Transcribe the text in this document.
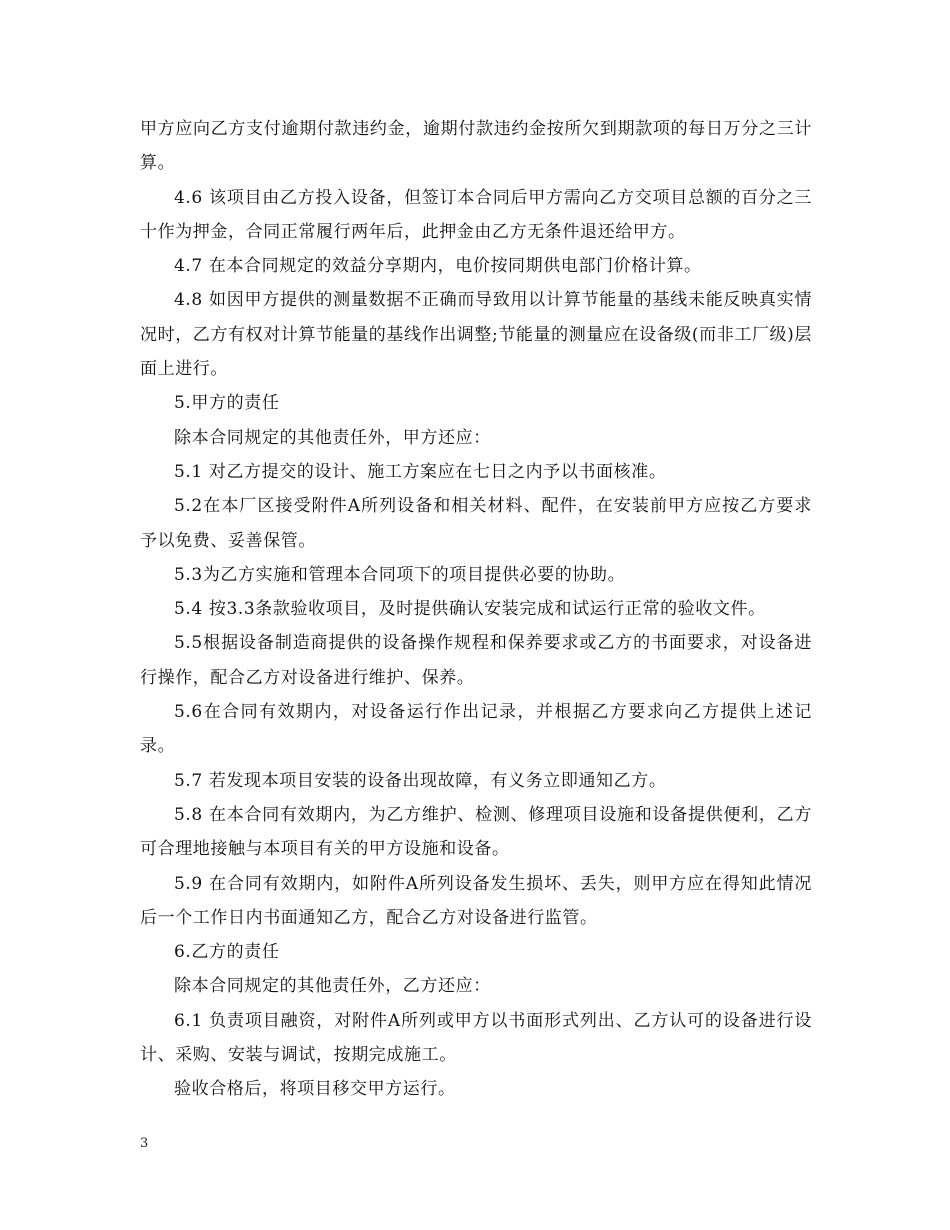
甲方应向乙方支付逾期付款违约金，逾期付款违约金按所欠到期款项的每日万分之三计算。

4.6 该项目由乙方投入设备，但签订本合同后甲方需向乙方交项目总额的百分之三十作为押金，合同正常履行两年后，此押金由乙方无条件退还给甲方。

4.7 在本合同规定的效益分享期内，电价按同期供电部门价格计算。

4.8 如因甲方提供的测量数据不正确而导致用以计算节能量的基线未能反映真实情况时，乙方有权对计算节能量的基线作出调整;节能量的测量应在设备级(而非工厂级)层面上进行。

5.甲方的责任

除本合同规定的其他责任外，甲方还应：

5.1 对乙方提交的设计、施工方案应在七日之内予以书面核准。

5.2在本厂区接受附件A所列设备和相关材料、配件，在安装前甲方应按乙方要求予以免费、妥善保管。

5.3为乙方实施和管理本合同项下的项目提供必要的协助。

5.4 按3.3条款验收项目，及时提供确认安装完成和试运行正常的验收文件。

5.5根据设备制造商提供的设备操作规程和保养要求或乙方的书面要求，对设备进行操作，配合乙方对设备进行维护、保养。

5.6在合同有效期内，对设备运行作出记录，并根据乙方要求向乙方提供上述记录。

5.7 若发现本项目安装的设备出现故障，有义务立即通知乙方。

5.8 在本合同有效期内，为乙方维护、检测、修理项目设施和设备提供便利，乙方可合理地接触与本项目有关的甲方设施和设备。

5.9 在合同有效期内，如附件A所列设备发生损坏、丢失，则甲方应在得知此情况后一个工作日内书面通知乙方，配合乙方对设备进行监管。

6.乙方的责任

除本合同规定的其他责任外，乙方还应：

6.1 负责项目融资，对附件A所列或甲方以书面形式列出、乙方认可的设备进行设计、采购、安装与调试，按期完成施工。

验收合格后，将项目移交甲方运行。

3
